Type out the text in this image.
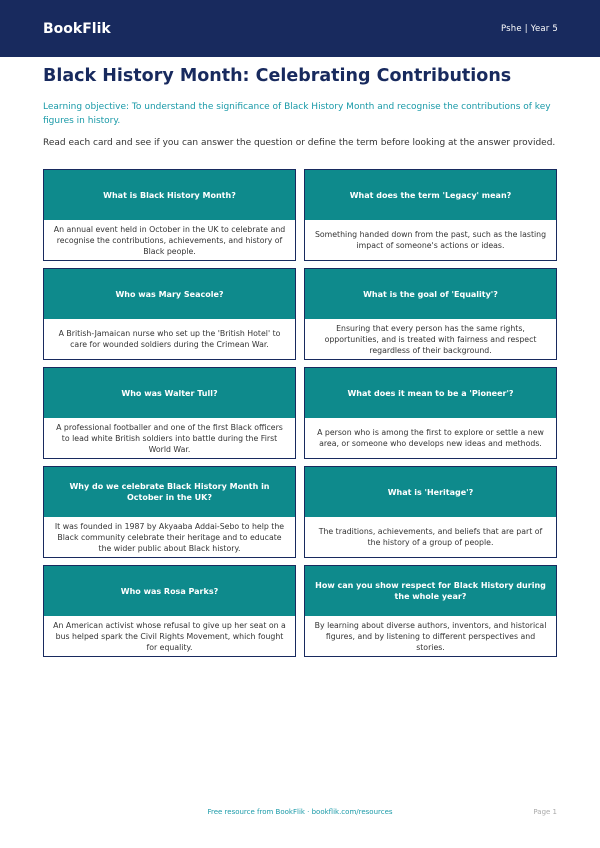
BookFlik	Pshe | Year 5
Black History Month: Celebrating Contributions
Learning objective: To understand the significance of Black History Month and recognise the contributions of key figures in history.
Read each card and see if you can answer the question or define the term before looking at the answer provided.
What is Black History Month?
An annual event held in October in the UK to celebrate and recognise the contributions, achievements, and history of Black people.
What does the term 'Legacy' mean?
Something handed down from the past, such as the lasting impact of someone's actions or ideas.
Who was Mary Seacole?
A British-Jamaican nurse who set up the 'British Hotel' to care for wounded soldiers during the Crimean War.
What is the goal of 'Equality'?
Ensuring that every person has the same rights, opportunities, and is treated with fairness and respect regardless of their background.
Who was Walter Tull?
A professional footballer and one of the first Black officers to lead white British soldiers into battle during the First World War.
What does it mean to be a 'Pioneer'?
A person who is among the first to explore or settle a new area, or someone who develops new ideas and methods.
Why do we celebrate Black History Month in October in the UK?
It was founded in 1987 by Akyaaba Addai-Sebo to help the Black community celebrate their heritage and to educate the wider public about Black history.
What is 'Heritage'?
The traditions, achievements, and beliefs that are part of the history of a group of people.
Who was Rosa Parks?
An American activist whose refusal to give up her seat on a bus helped spark the Civil Rights Movement, which fought for equality.
How can you show respect for Black History during the whole year?
By learning about diverse authors, inventors, and historical figures, and by listening to different perspectives and stories.
Free resource from BookFlik · bookflik.com/resources	Page 1
